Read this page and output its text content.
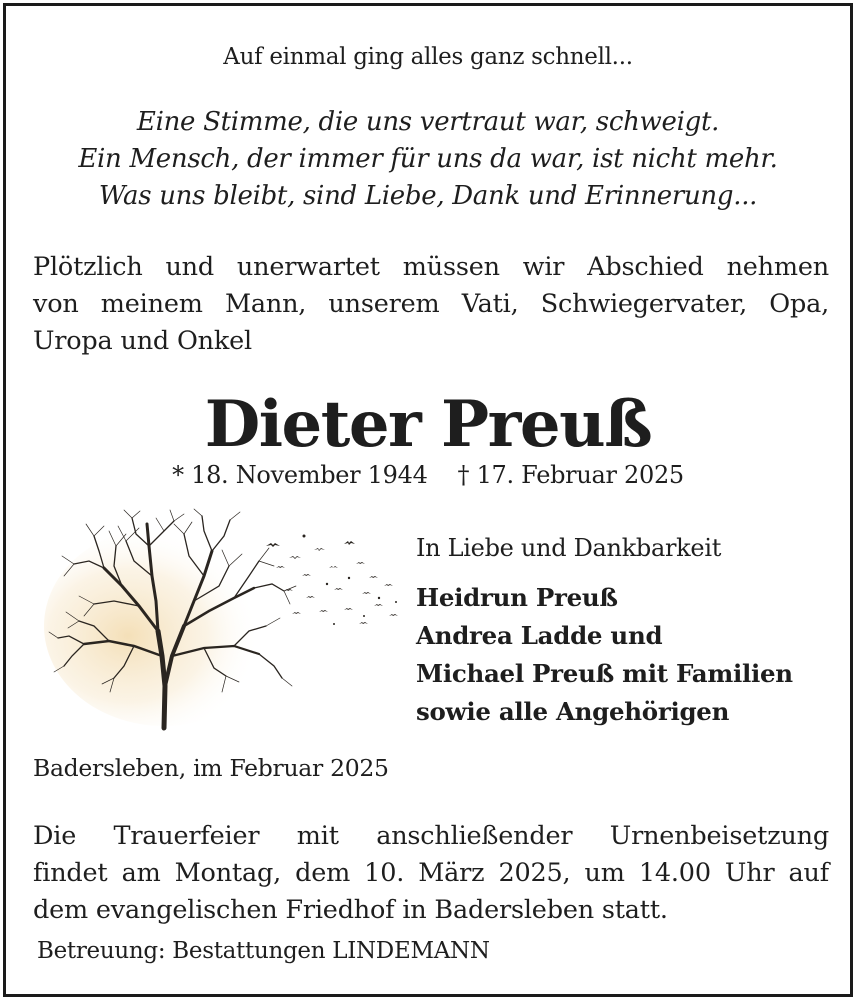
Auf einmal ging alles ganz schnell...
Eine Stimme, die uns vertraut war, schweigt.
Ein Mensch, der immer für uns da war, ist nicht mehr.
Was uns bleibt, sind Liebe, Dank und Erinnerung...
Plötzlich und unerwartet müssen wir Abschied nehmen
von meinem Mann, unserem Vati, Schwiegervater, Opa,
Uropa und Onkel
Dieter Preuß
* 18. November 1944 † 17. Februar 2025
In Liebe und Dankbarkeit
Heidrun Preuß
Andrea Ladde und
Michael Preuß mit Familien
sowie alle Angehörigen
Badersleben, im Februar 2025
Die Trauerfeier mit anschließender Urnenbeisetzung
findet am Montag, dem 10. März 2025, um 14.00 Uhr auf
dem evangelischen Friedhof in Badersleben statt.
Betreuung: Bestattungen LINDEMANN
